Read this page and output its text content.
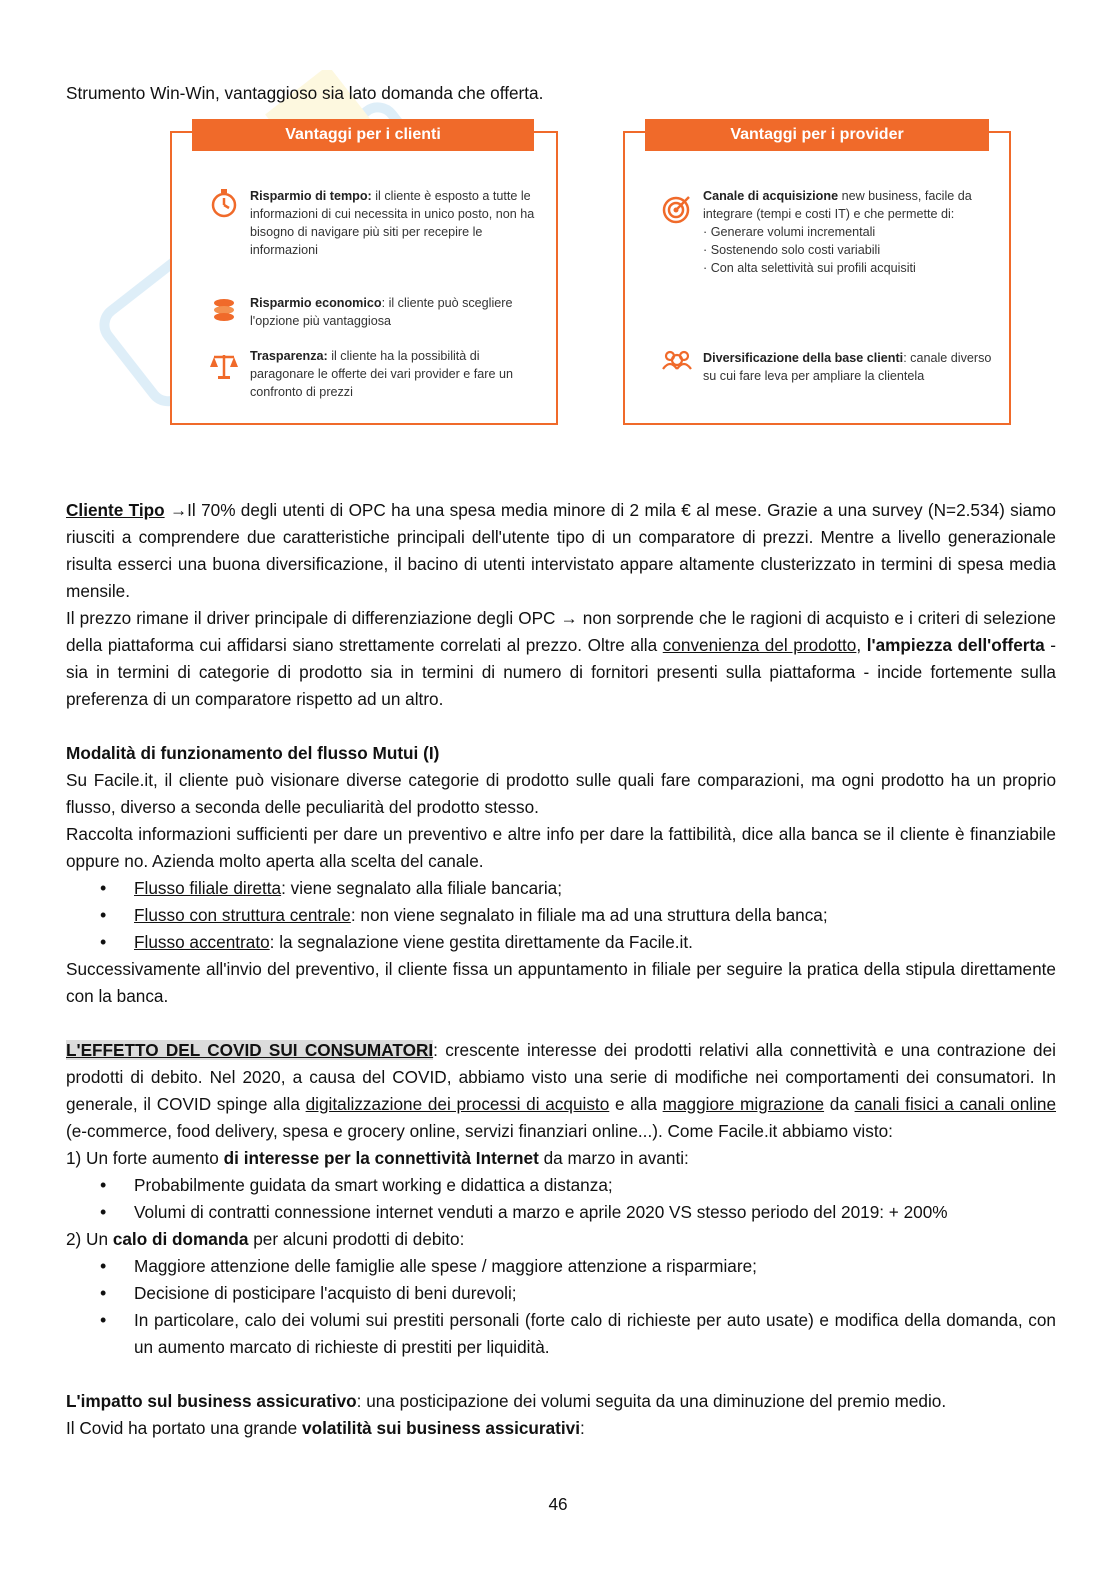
Strumento Win-Win, vantaggioso sia lato domanda che offerta.

Vantaggi per i clienti
Risparmio di tempo: il cliente è esposto a tutte le informazioni di cui necessita in unico posto, non ha bisogno di navigare più siti per recepire le informazioni
Risparmio economico: il cliente può scegliere l'opzione più vantaggiosa
Trasparenza: il cliente ha la possibilità di paragonare le offerte dei vari provider e fare un confronto di prezzi
Vantaggi per i provider
Canale di acquisizione new business, facile da integrare (tempi e costi IT) e che permette di:
· Generare volumi incrementali
· Sostenendo solo costi variabili
· Con alta selettività sui profili acquisiti
Diversificazione della base clienti: canale diverso su cui fare leva per ampliare la clientela

Cliente Tipo →Il 70% degli utenti di OPC ha una spesa media minore di 2 mila € al mese. Grazie a una survey (N=2.534) siamo riusciti a comprendere due caratteristiche principali dell'utente tipo di un comparatore di prezzi. Mentre a livello generazionale risulta esserci una buona diversificazione, il bacino di utenti intervistato appare altamente clusterizzato in termini di spesa media mensile.

Il prezzo rimane il driver principale di differenziazione degli OPC → non sorprende che le ragioni di acquisto e i criteri di selezione della piattaforma cui affidarsi siano strettamente correlati al prezzo. Oltre alla convenienza del prodotto, l'ampiezza dell'offerta - sia in termini di categorie di prodotto sia in termini di numero di fornitori presenti sulla piattaforma - incide fortemente sulla preferenza di un comparatore rispetto ad un altro.

Modalità di funzionamento del flusso Mutui (I)

Su Facile.it, il cliente può visionare diverse categorie di prodotto sulle quali fare comparazioni, ma ogni prodotto ha un proprio flusso, diverso a seconda delle peculiarità del prodotto stesso.

Raccolta informazioni sufficienti per dare un preventivo e altre info per dare la fattibilità, dice alla banca se il cliente è finanziabile oppure no. Azienda molto aperta alla scelta del canale.

• Flusso filiale diretta: viene segnalato alla filiale bancaria;
• Flusso con struttura centrale: non viene segnalato in filiale ma ad una struttura della banca;
• Flusso accentrato: la segnalazione viene gestita direttamente da Facile.it.

Successivamente all'invio del preventivo, il cliente fissa un appuntamento in filiale per seguire la pratica della stipula direttamente con la banca.

L'EFFETTO DEL COVID SUI CONSUMATORI: crescente interesse dei prodotti relativi alla connettività e una contrazione dei prodotti di debito. Nel 2020, a causa del COVID, abbiamo visto una serie di modifiche nei comportamenti dei consumatori. In generale, il COVID spinge alla digitalizzazione dei processi di acquisto e alla maggiore migrazione da canali fisici a canali online (e-commerce, food delivery, spesa e grocery online, servizi finanziari online...). Come Facile.it abbiamo visto:

1) Un forte aumento di interesse per la connettività Internet da marzo in avanti:

• Probabilmente guidata da smart working e didattica a distanza;
• Volumi di contratti connessione internet venduti a marzo e aprile 2020 VS stesso periodo del 2019: + 200%

2) Un calo di domanda per alcuni prodotti di debito:

• Maggiore attenzione delle famiglie alle spese / maggiore attenzione a risparmiare;
• Decisione di posticipare l'acquisto di beni durevoli;
• In particolare, calo dei volumi sui prestiti personali (forte calo di richieste per auto usate) e modifica della domanda, con un aumento marcato di richieste di prestiti per liquidità.

L'impatto sul business assicurativo: una posticipazione dei volumi seguita da una diminuzione del premio medio.

Il Covid ha portato una grande volatilità sui business assicurativi:

46
